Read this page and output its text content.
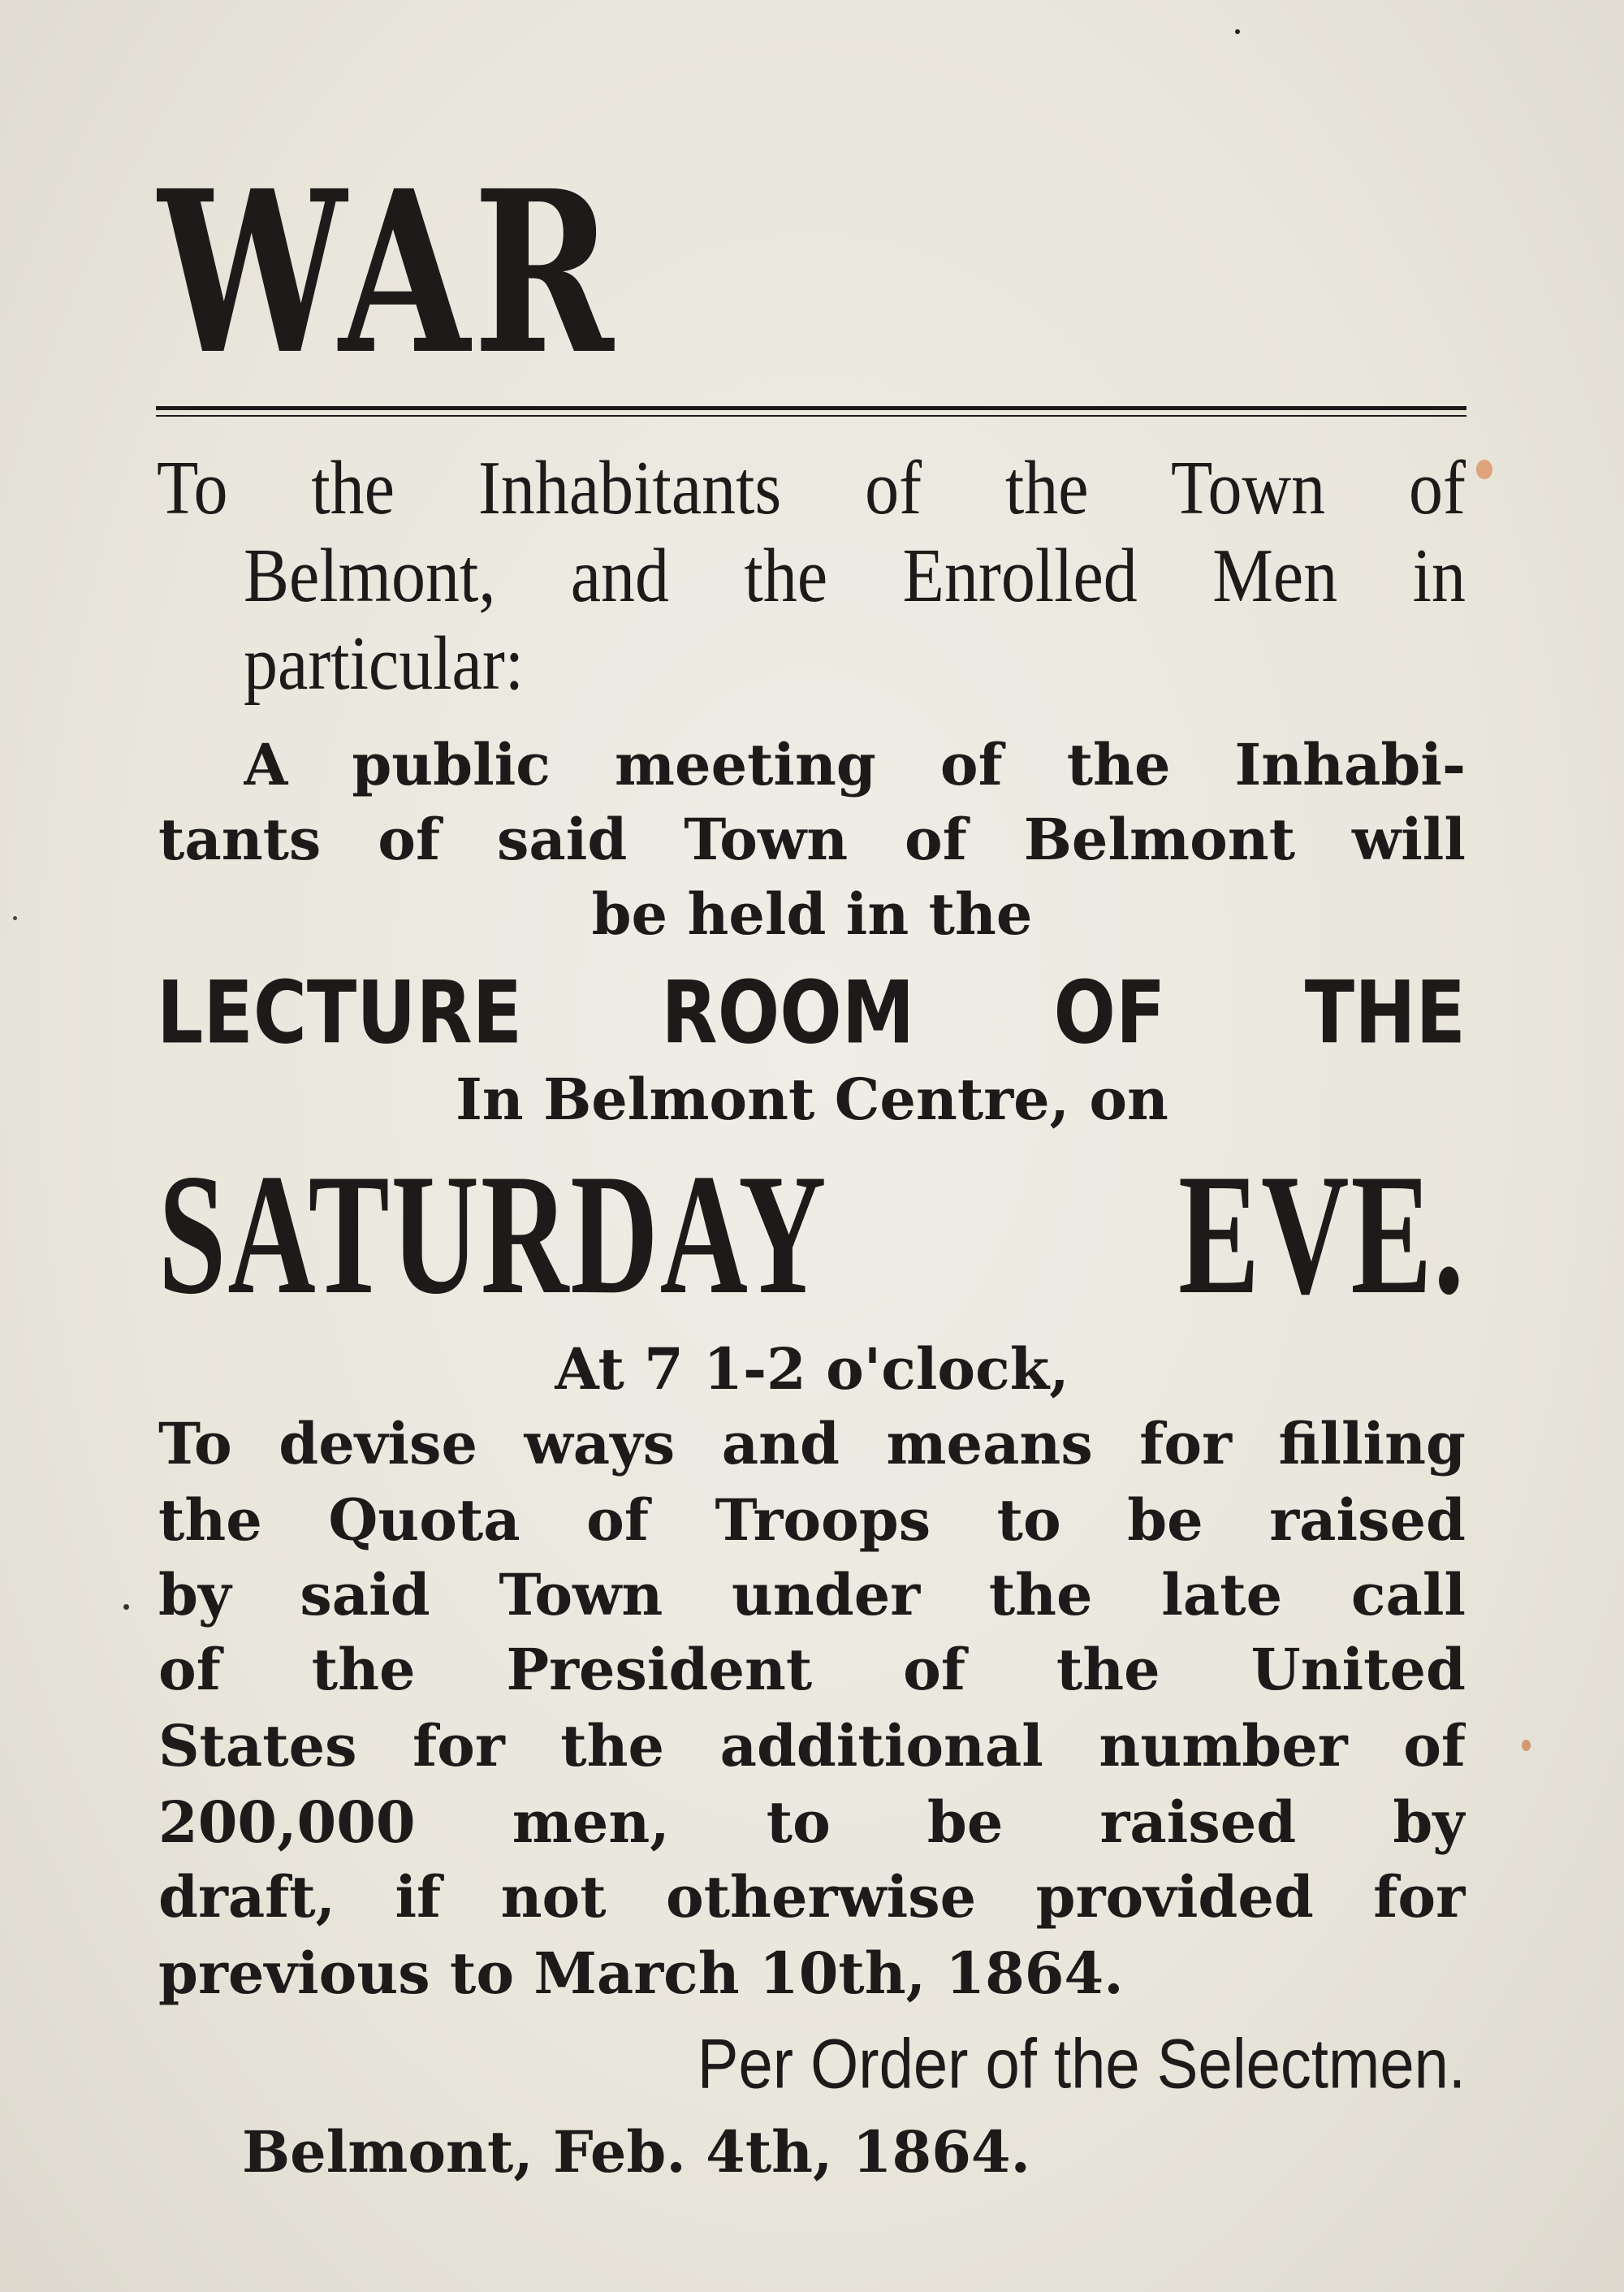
WAR
To the Inhabitants of the Town of
Belmont, and the Enrolled Men in
particular:
A public meeting of the Inhabi-
tants of said Town of Belmont will
be held in the
LECTURE ROOM OF THE
In Belmont Centre, on
SATURDAY EVE.
At 7 1-2 o'clock,
To devise ways and means for filling
the Quota of Troops to be raised
by said Town under the late call
of the President of the United
States for the additional number of
200,000 men, to be raised by
draft, if not otherwise provided for
previous to March 10th, 1864.
Per Order of the Selectmen.
Belmont, Feb. 4th, 1864.
